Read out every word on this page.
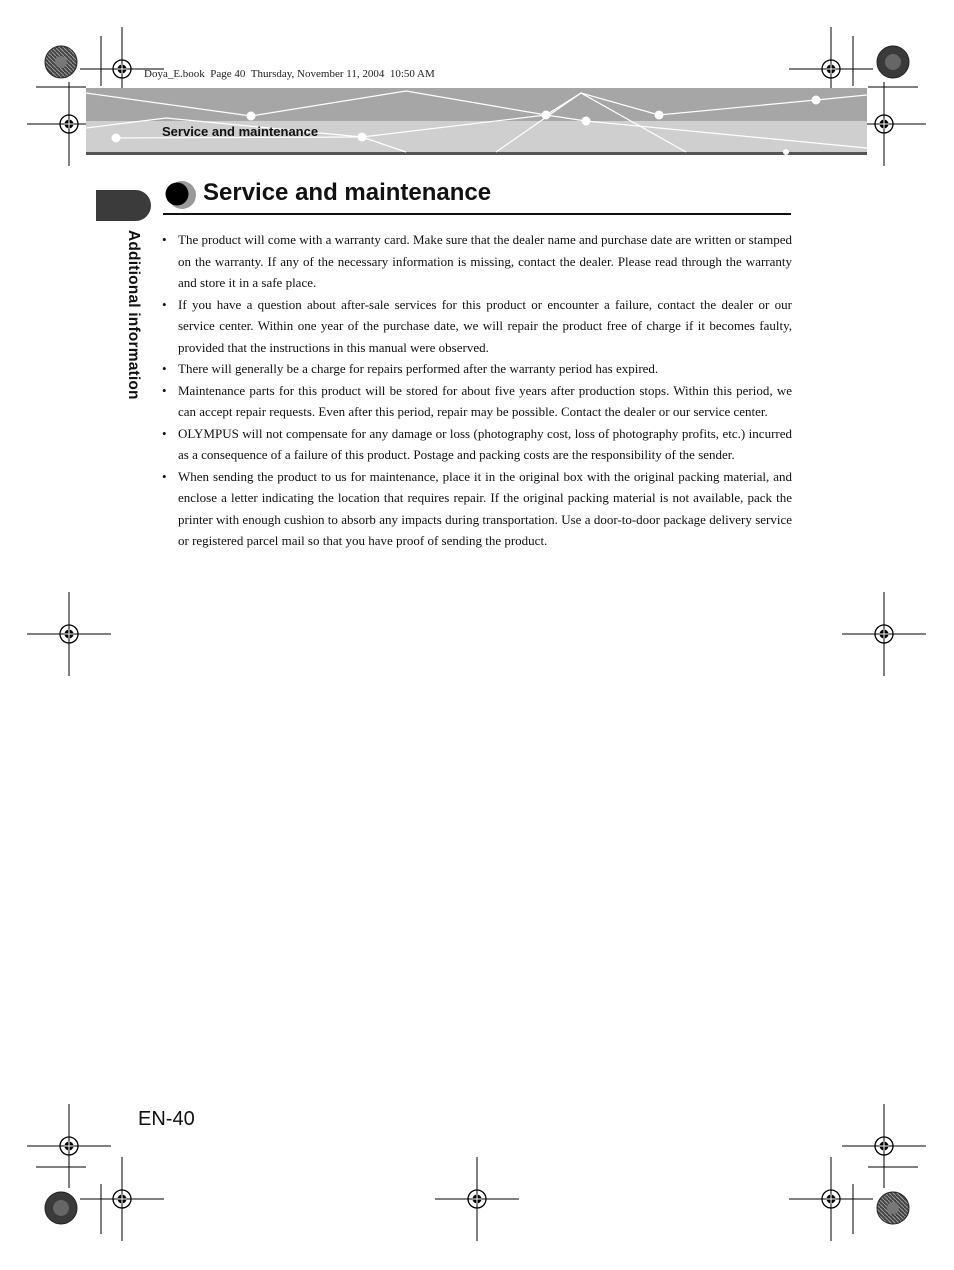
Doya_E.book  Page 40  Thursday, November 11, 2004  10:50 AM
Service and maintenance
Additional information
Service and maintenance
• The product will come with a warranty card. Make sure that the dealer name and purchase date are written or stamped on the warranty. If any of the necessary information is missing, contact the dealer. Please read through the warranty and store it in a safe place.
• If you have a question about after-sale services for this product or encounter a failure, contact the dealer or our service center. Within one year of the purchase date, we will repair the product free of charge if it becomes faulty, provided that the instructions in this manual were observed.
• There will generally be a charge for repairs performed after the warranty period has expired.
• Maintenance parts for this product will be stored for about five years after production stops. Within this period, we can accept repair requests. Even after this period, repair may be possible. Contact the dealer or our service center.
• OLYMPUS will not compensate for any damage or loss (photography cost, loss of photography profits, etc.) incurred as a consequence of a failure of this product. Postage and packing costs are the responsibility of the sender.
• When sending the product to us for maintenance, place it in the original box with the original packing material, and enclose a letter indicating the location that requires repair. If the original packing material is not available, pack the printer with enough cushion to absorb any impacts during transportation. Use a door-to-door package delivery service or registered parcel mail so that you have proof of sending the product.
EN-40
